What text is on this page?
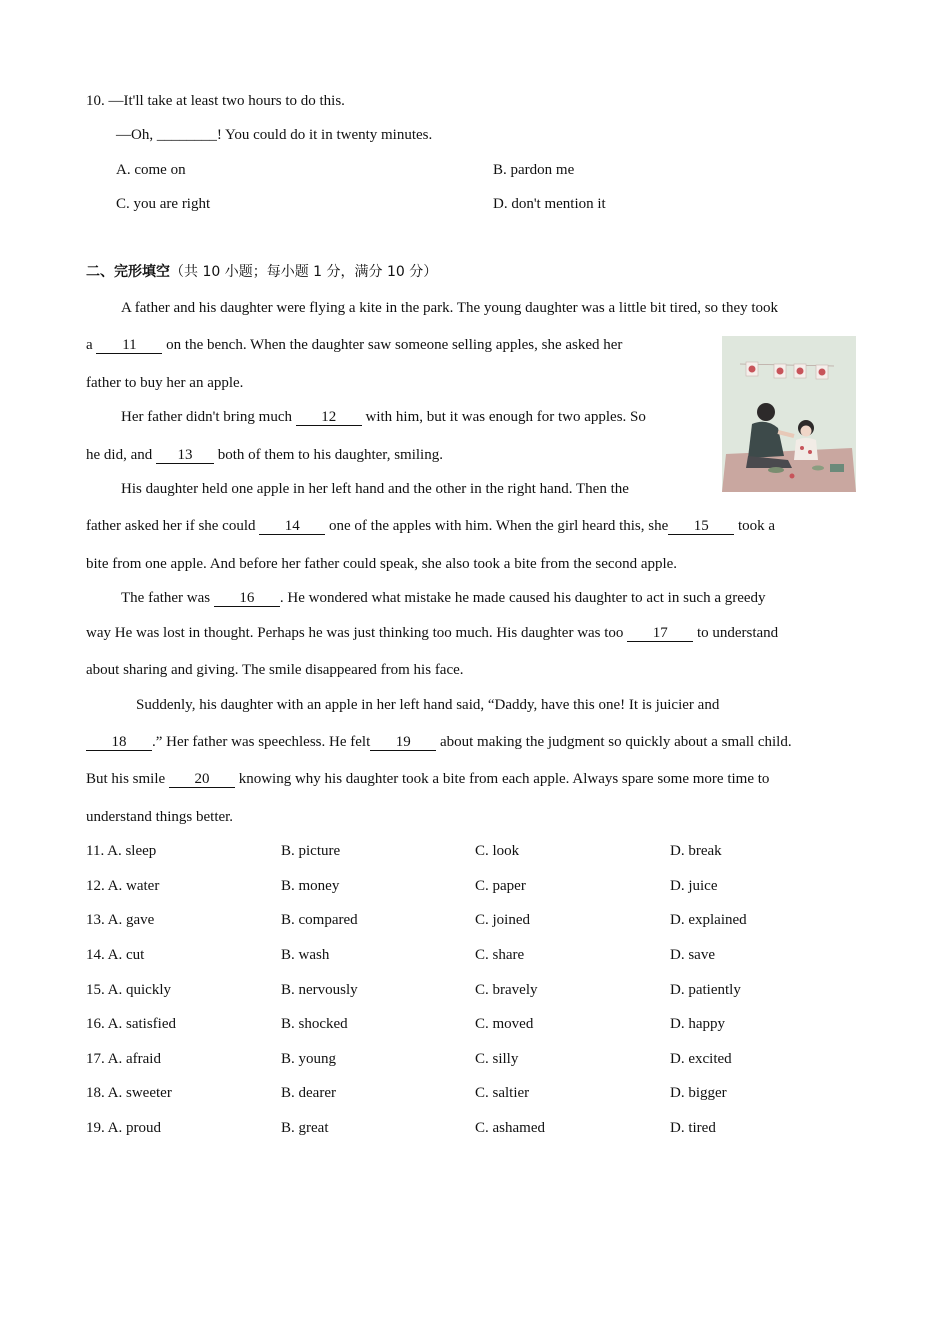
10. —It'll take at least two hours to do this.
—Oh, ________! You could do it in twenty minutes.
A. come on	B. pardon me
C. you are right	D. don't mention it
二、完形填空（共 10 小题；每小题 1 分，满分 10 分）
A father and his daughter were flying a kite in the park. The young daughter was a little bit tired, so they took
a 11 on the bench. When the daughter saw someone selling apples, she asked her
father to buy her an apple.
Her father didn't bring much 12 with him, but it was enough for two apples. So
he did, and 13 both of them to his daughter, smiling.
His daughter held one apple in her left hand and the other in the right hand. Then the
father asked her if she could 14 one of the apples with him. When the girl heard this, she 15 took a
bite from one apple. And before her father could speak, she also took a bite from the second apple.
The father was 16 . He wondered what mistake he made caused his daughter to act in such a greedy
way He was lost in thought. Perhaps he was just thinking too much. His daughter was too 17 to understand
about sharing and giving. The smile disappeared from his face.
Suddenly, his daughter with an apple in her left hand said, “Daddy, have this one! It is juicier and
18 .” Her father was speechless. He felt 19 about making the judgment so quickly about a small child.
But his smile 20 knowing why his daughter took a bite from each apple. Always spare some more time to
understand things better.
11. A. sleep	B. picture	C. look	D. break
12. A. water	B. money	C. paper	D. juice
13. A. gave	B. compared	C. joined	D. explained
14. A. cut	B. wash	C. share	D. save
15. A. quickly	B. nervously	C. bravely	D. patiently
16. A. satisfied	B. shocked	C. moved	D. happy
17. A. afraid	B. young	C. silly	D. excited
18. A. sweeter	B. dearer	C. saltier	D. bigger
19. A. proud	B. great	C. ashamed	D. tired
